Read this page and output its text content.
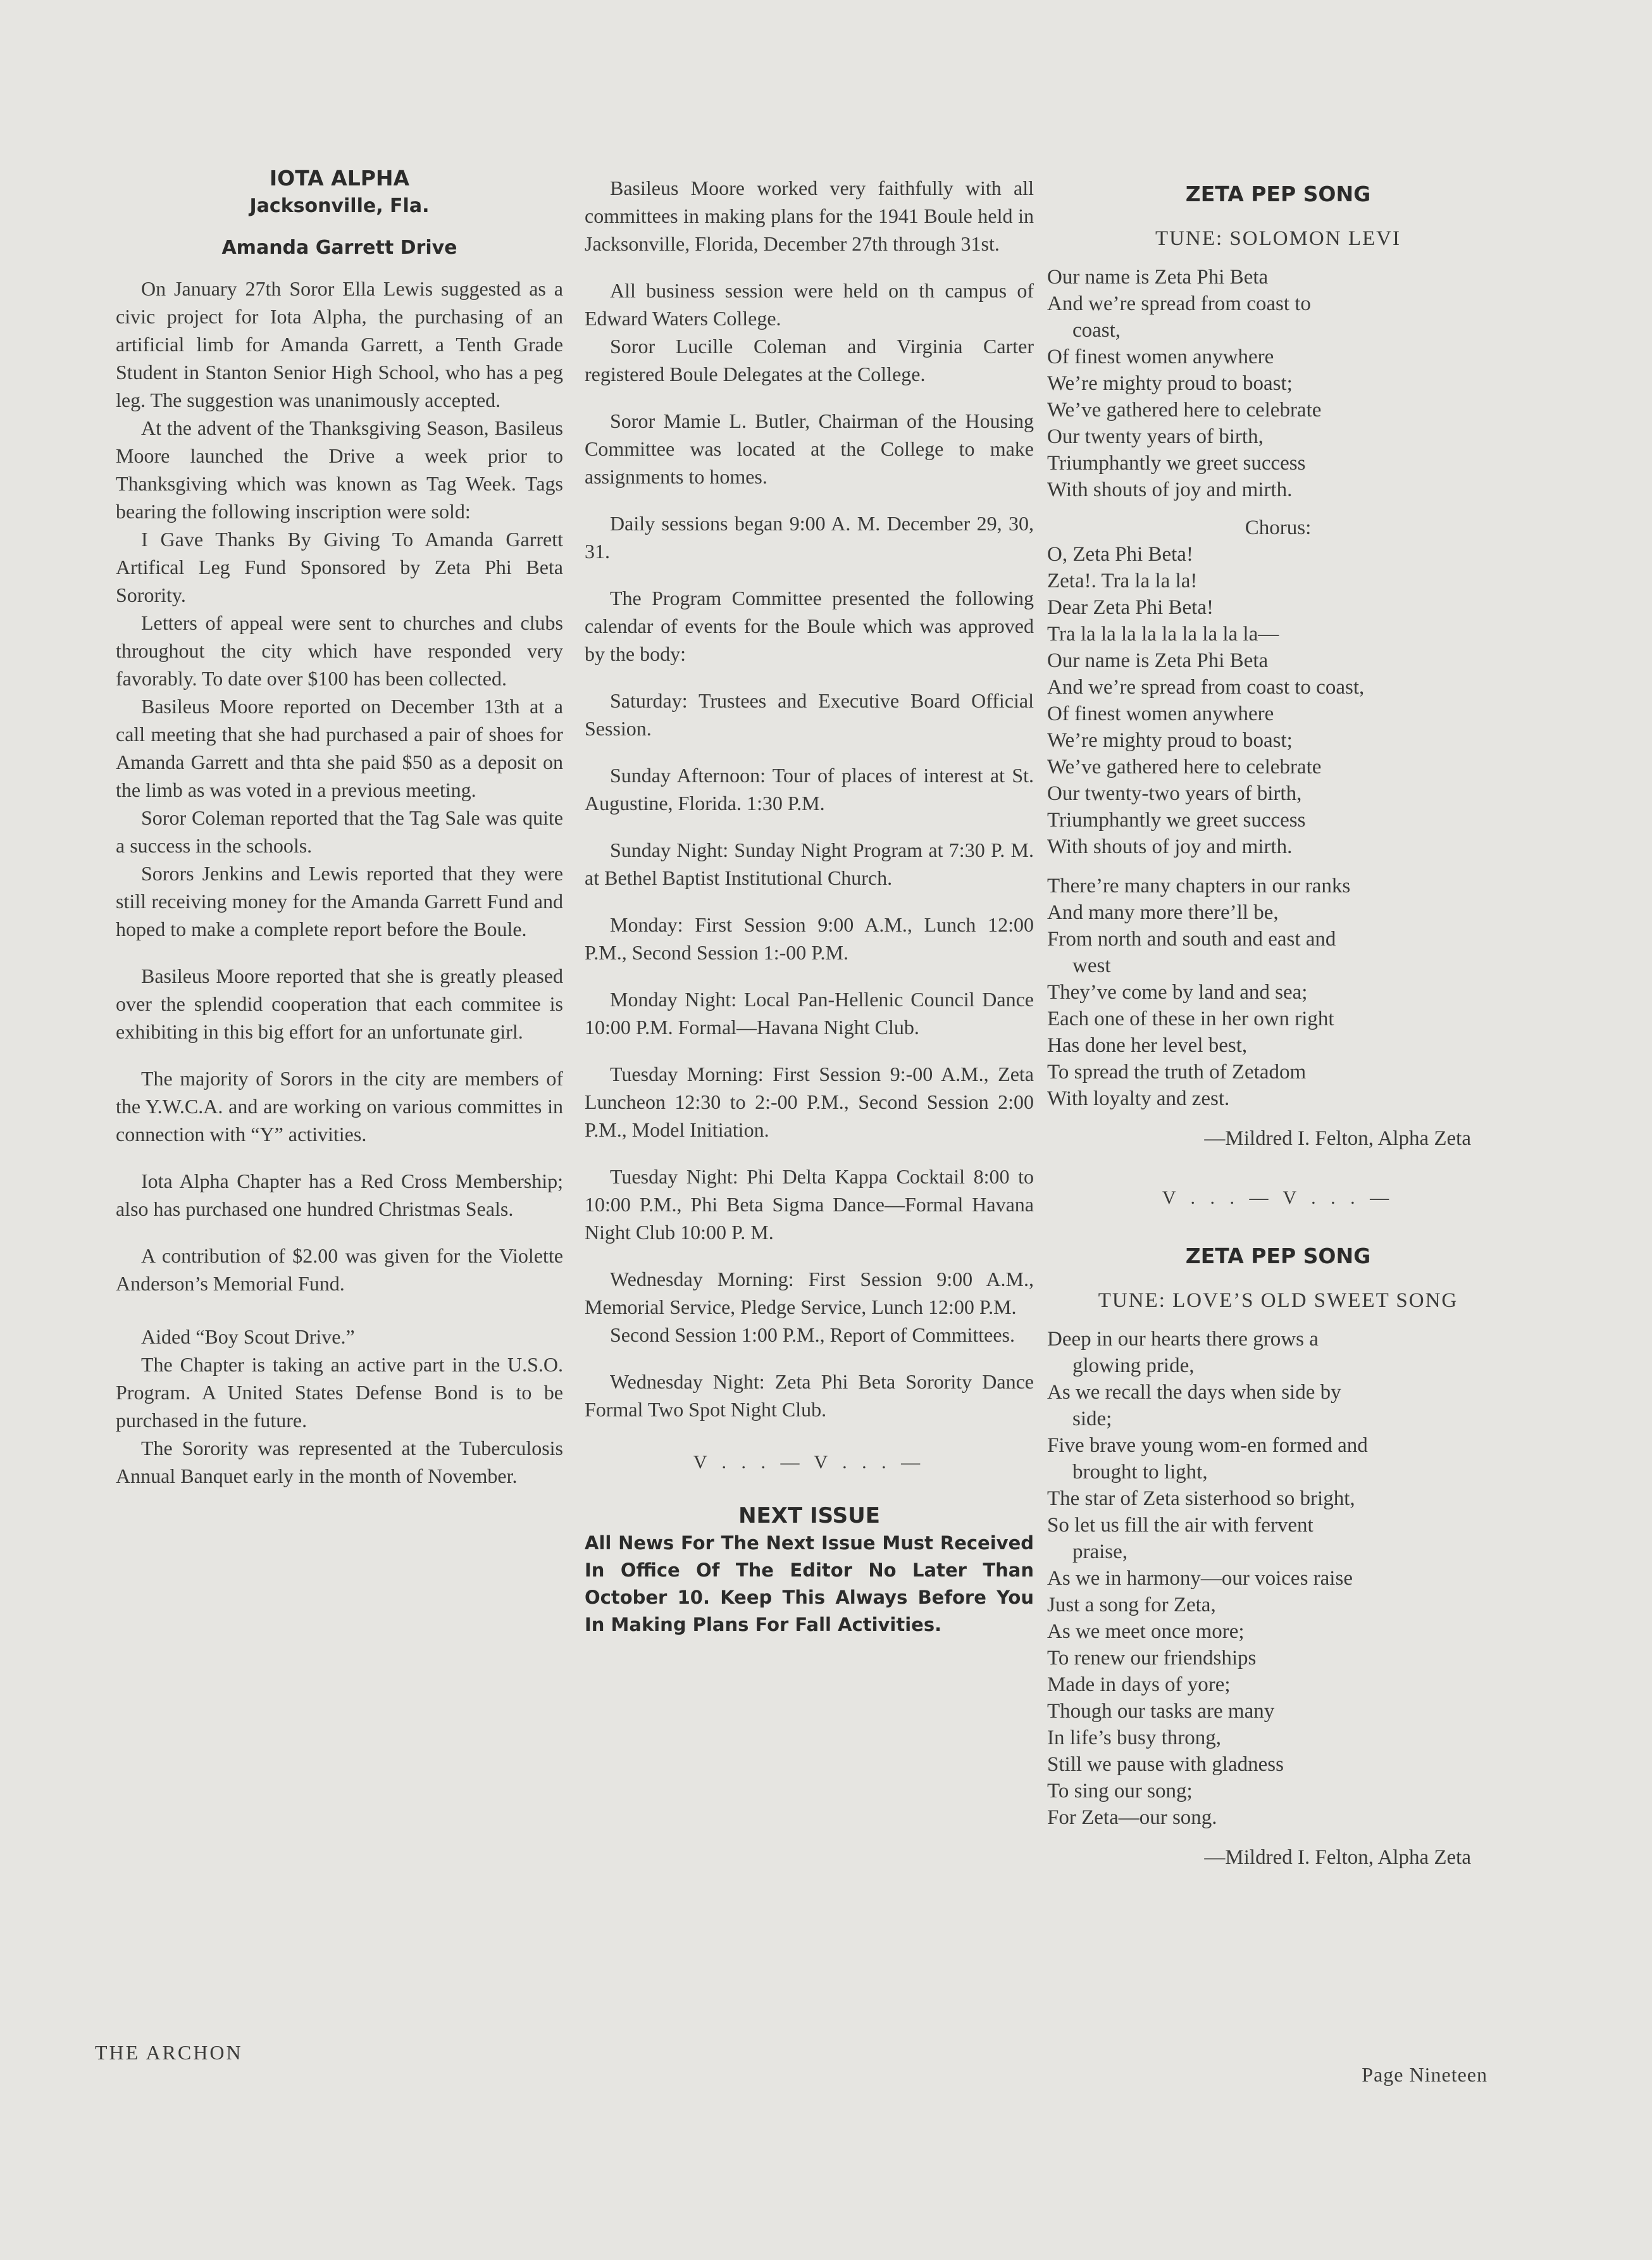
IOTA ALPHA
Jacksonville, Fla.
Amanda Garrett Drive

On January 27th Soror Ella Lewis suggested as a civic project for Iota Alpha, the purchasing of an artificial limb for Amanda Garrett, a Tenth Grade Student in Stanton Senior High School, who has a peg leg. The suggestion was unanimously accepted.

At the advent of the Thanksgiving Season, Basileus Moore launched the Drive a week prior to Thanksgiving which was known as Tag Week. Tags bearing the following inscription were sold:

I Gave Thanks By Giving To Amanda Garrett Artifical Leg Fund Sponsored by Zeta Phi Beta Sorority.

Letters of appeal were sent to churches and clubs throughout the city which have responded very favorably. To date over $100 has been collected.

Basileus Moore reported on December 13th at a call meeting that she had purchased a pair of shoes for Amanda Garrett and thta she paid $50 as a deposit on the limb as was voted in a previous meeting.

Soror Coleman reported that the Tag Sale was quite a success in the schools.

Sorors Jenkins and Lewis reported that they were still receiving money for the Amanda Garrett Fund and hoped to make a complete report before the Boule.

Basileus Moore reported that she is greatly pleased over the splendid cooperation that each commitee is exhibiting in this big effort for an unfortunate girl.

The majority of Sorors in the city are members of the Y.W.C.A. and are working on various committes in connection with “Y” activities.

Iota Alpha Chapter has a Red Cross Membership; also has purchased one hundred Christmas Seals.

A contribution of $2.00 was given for the Violette Anderson’s Memorial Fund.

Aided “Boy Scout Drive.”

The Chapter is taking an active part in the U.S.O. Program. A United States Defense Bond is to be purchased in the future.

The Sorority was represented at the Tuberculosis Annual Banquet early in the month of November.

Basileus Moore worked very faithfully with all committees in making plans for the 1941 Boule held in Jacksonville, Florida, December 27th through 31st.

All business session were held on th campus of Edward Waters College.

Soror Lucille Coleman and Virginia Carter registered Boule Delegates at the College.

Soror Mamie L. Butler, Chairman of the Housing Committee was located at the College to make assignments to homes.

Daily sessions began 9:00 A. M. December 29, 30, 31.

The Program Committee presented the following calendar of events for the Boule which was approved by the body:

Saturday: Trustees and Executive Board Official Session.

Sunday Afternoon: Tour of places of interest at St. Augustine, Florida. 1:30 P.M.

Sunday Night: Sunday Night Program at 7:30 P. M. at Bethel Baptist Institutional Church.

Monday: First Session 9:00 A.M., Lunch 12:00 P.M., Second Session 1:-00 P.M.

Monday Night: Local Pan-Hellenic Council Dance 10:00 P.M. Formal—Havana Night Club.

Tuesday Morning: First Session 9:-00 A.M., Zeta Luncheon 12:30 to 2:-00 P.M., Second Session 2:00 P.M., Model Initiation.

Tuesday Night: Phi Delta Kappa Cocktail 8:00 to 10:00 P.M., Phi Beta Sigma Dance—Formal Havana Night Club 10:00 P. M.

Wednesday Morning: First Session 9:00 A.M., Memorial Service, Pledge Service, Lunch 12:00 P.M.

Second Session 1:00 P.M., Report of Committees.

Wednesday Night: Zeta Phi Beta Sorority Dance Formal Two Spot Night Club.

V . . . — V . . . —
NEXT ISSUE
All News For The Next Issue Must Received In Office Of The Editor No Later Than October 10. Keep This Always Before You In Making Plans For Fall Activities.
ZETA PEP SONG
TUNE: SOLOMON LEVI
Our name is Zeta Phi Beta
And we’re spread from coast to
coast,
Of finest women anywhere
We’re mighty proud to boast;
We’ve gathered here to celebrate
Our twenty years of birth,
Triumphantly we greet success
With shouts of joy and mirth.
Chorus:
O, Zeta Phi Beta!
Zeta!. Tra la la la!
Dear Zeta Phi Beta!
Tra la la la la la la la la la—
Our name is Zeta Phi Beta
And we’re spread from coast to coast,
Of finest women anywhere
We’re mighty proud to boast;
We’ve gathered here to celebrate
Our twenty-two years of birth,
Triumphantly we greet success
With shouts of joy and mirth.
There’re many chapters in our ranks
And many more there’ll be,
From north and south and east and
west
They’ve come by land and sea;
Each one of these in her own right
Has done her level best,
To spread the truth of Zetadom
With loyalty and zest.
—Mildred I. Felton, Alpha Zeta
V . . . — V . . . —
ZETA PEP SONG
TUNE: LOVE’S OLD SWEET SONG
Deep in our hearts there grows a
glowing pride,
As we recall the days when side by
side;
Five brave young wom-en formed and
brought to light,
The star of Zeta sisterhood so bright,
So let us fill the air with fervent
praise,
As we in harmony—our voices raise
Just a song for Zeta,
As we meet once more;
To renew our friendships
Made in days of yore;
Though our tasks are many
In life’s busy throng,
Still we pause with gladness
To sing our song;
For Zeta—our song.
—Mildred I. Felton, Alpha Zeta
THE ARCHON
Page Nineteen
